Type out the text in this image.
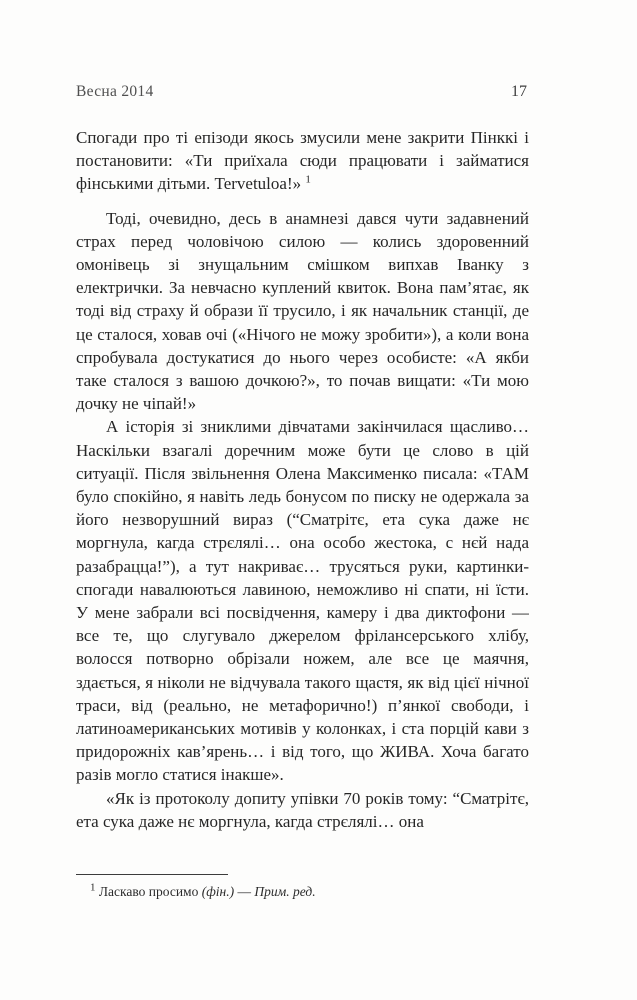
Весна 2014	17

Спогади про ті епізоди якось змусили мене закрити Пінккі і постановити: «Ти приїхала сюди працювати і займатися фінськими дітьми. Tervetuloa!» $^1$

Тоді, очевидно, десь в анамнезі дався чути задавнений страх перед чоловічою силою — колись здоровенний омонівець зі знущальним смішком випхав Іванку з електрички. За невчасно куплений квиток. Вона пам’ятає, як тоді від страху й образи її трусило, і як начальник станції, де це сталося, ховав очі («Нічого не можу зробити»), а коли вона спробувала достукатися до нього через особисте: «А якби таке сталося з вашою дочкою?», то почав вищати: «Ти мою дочку не чіпай!»

А історія зі зниклими дівчатами закінчилася щасливо… Наскільки взагалі доречним може бути це слово в цій ситуації. Після звільнення Олена Максименко писала: «ТАМ було спокійно, я навіть ледь бонусом по писку не одержала за його незворушний вираз (“Сматрітє, ета сука даже нє моргнула, кагда стрєлялі… она особо жестока, с нєй нада разабрацца!”), а тут накриває… трусяться руки, картинки-спогади навалюються лавиною, неможливо ні спати, ні їсти. У мене забрали всі посвідчення, камеру і два диктофони — все те, що слугувало джерелом фрілансерського хлібу, волосся потворно обрізали ножем, але все це маячня, здається, я ніколи не відчувала такого щастя, як від цієї нічної траси, від (реально, не метафорично!) п’янкої свободи, і латиноамериканських мотивів у колонках, і ста порцій кави з придорожніх кав’ярень… і від того, що ЖИВА. Хоча багато разів могло статися інакше».

«Як із протоколу допиту упівки 70 років тому: “Сматрітє, ета сука даже нє моргнула, кагда стрєлялі… она

$^1$ Ласкаво просимо (фін.) — Прим. ред.
